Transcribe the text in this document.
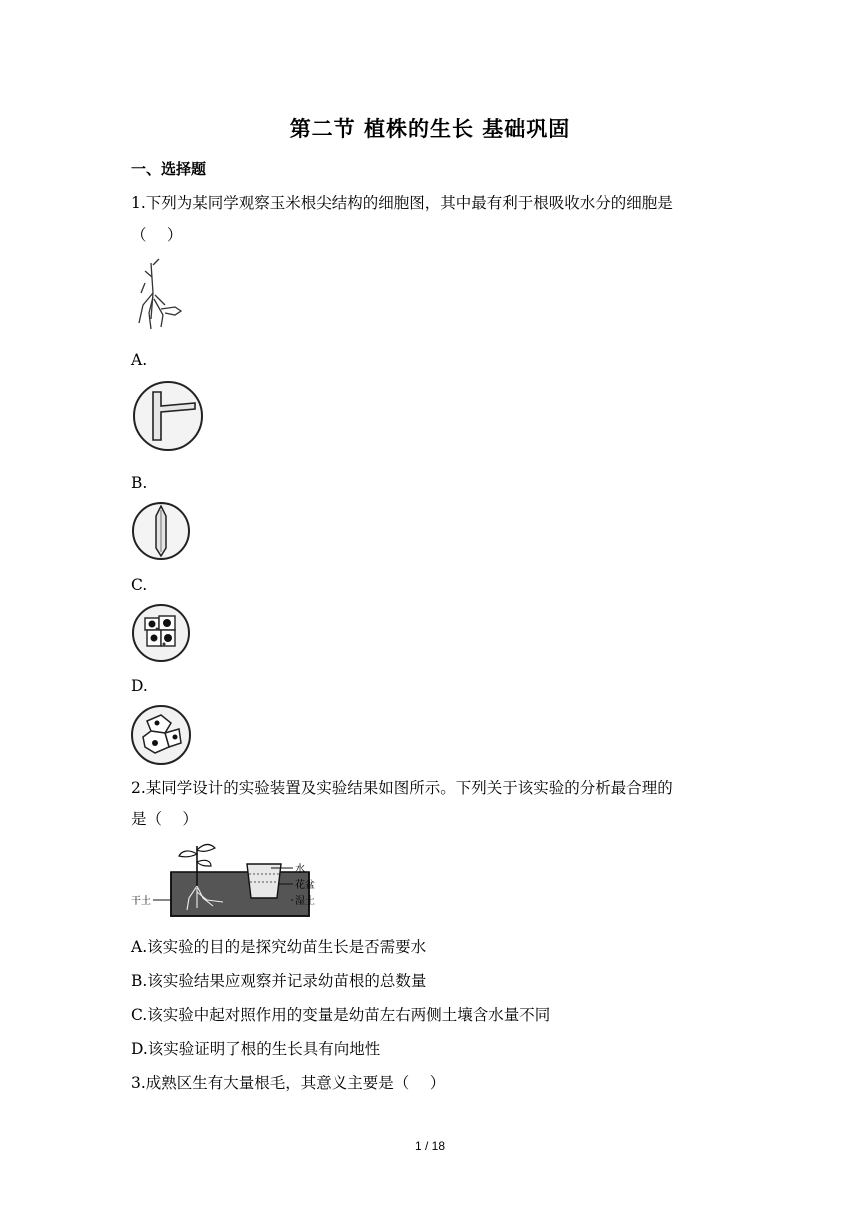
第二节 植株的生长 基础巩固
一、选择题
1.下列为某同学观察玉米根尖结构的细胞图，其中最有利于根吸收水分的细胞是
（　 ）
A.
B.
C.
D.
2.某同学设计的实验装置及实验结果如图所示。下列关于该实验的分析最合理的
是（　 ）
干土
水
花盆
湿土
A.该实验的目的是探究幼苗生长是否需要水
B.该实验结果应观察并记录幼苗根的总数量
C.该实验中起对照作用的变量是幼苗左右两侧土壤含水量不同
D.该实验证明了根的生长具有向地性
3.成熟区生有大量根毛，其意义主要是（　 ）
1 / 18
